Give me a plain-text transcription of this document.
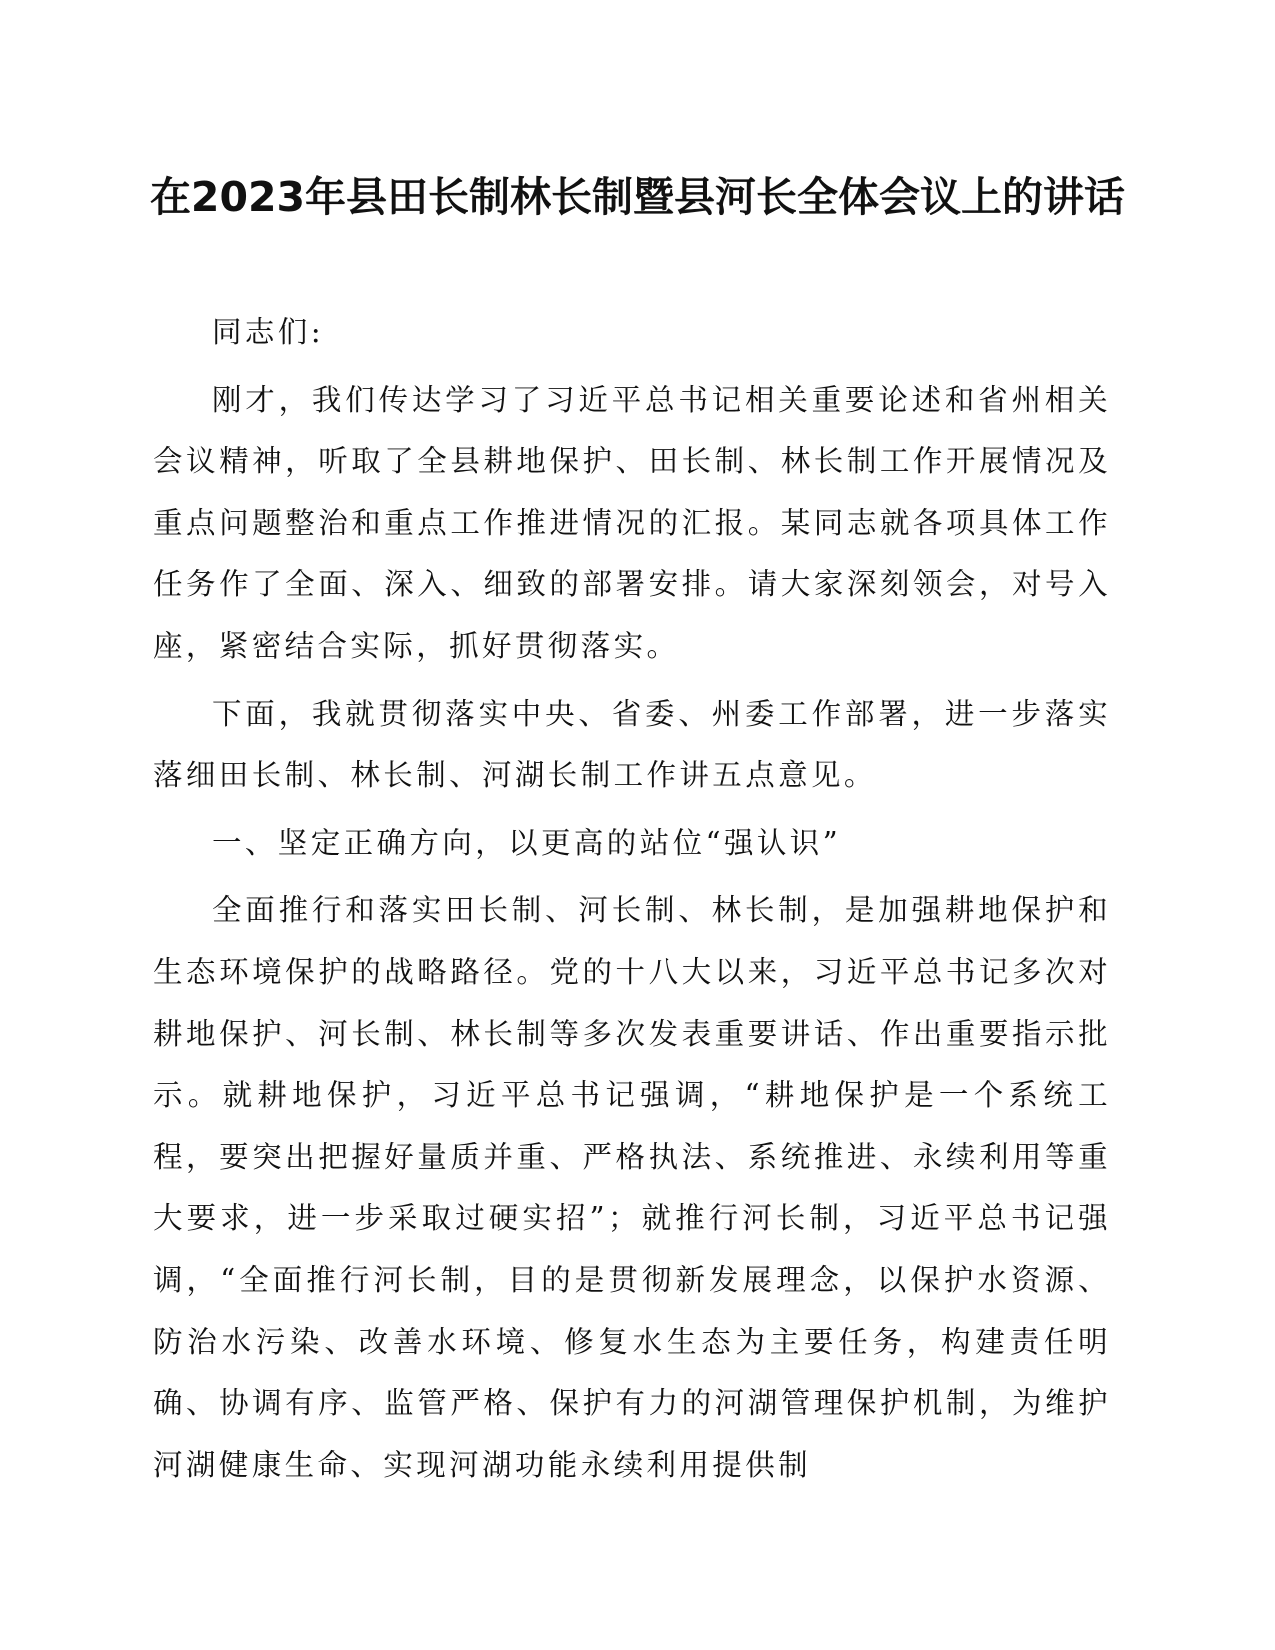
在2023年县田长制林长制暨县河长全体会议上的讲话

同志们:

刚才，我们传达学习了习近平总书记相关重要论述和省州相关会议精神，听取了全县耕地保护、田长制、林长制工作开展情况及重点问题整治和重点工作推进情况的汇报。某同志就各项具体工作任务作了全面、深入、细致的部署安排。请大家深刻领会，对号入座，紧密结合实际，抓好贯彻落实。

下面，我就贯彻落实中央、省委、州委工作部署，进一步落实落细田长制、林长制、河湖长制工作讲五点意见。

一、坚定正确方向，以更高的站位“强认识”

全面推行和落实田长制、河长制、林长制，是加强耕地保护和生态环境保护的战略路径。党的十八大以来，习近平总书记多次对耕地保护、河长制、林长制等多次发表重要讲话、作出重要指示批示。就耕地保护，习近平总书记强调，“耕地保护是一个系统工程，要突出把握好量质并重、严格执法、系统推进、永续利用等重大要求，进一步采取过硬实招”；就推行河长制，习近平总书记强调，“全面推行河长制，目的是贯彻新发展理念，以保护水资源、防治水污染、改善水环境、修复水生态为主要任务，构建责任明确、协调有序、监管严格、保护有力的河湖管理保护机制，为维护河湖健康生命、实现河湖功能永续利用提供制
